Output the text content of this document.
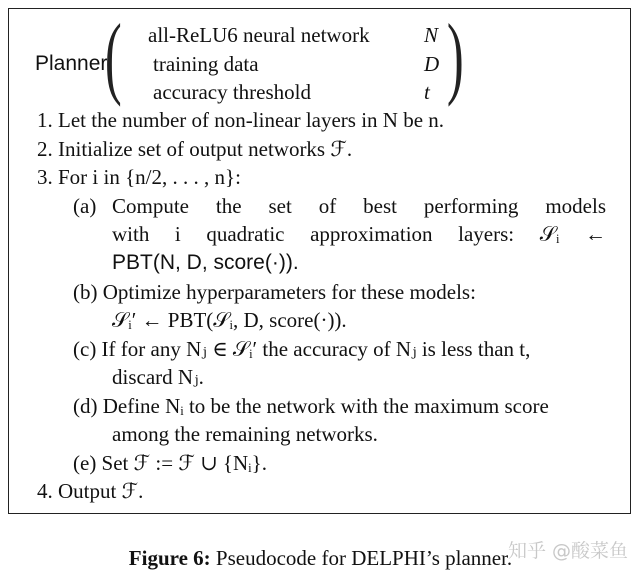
Planner
(	)
all-ReLU6 neural network	N
training data	D
accuracy threshold	t
1. Let the number of non-linear layers in N be n.
2. Initialize set of output networks ℱ.
3. For i in {n/2, . . . , n}:
(a) Compute the set of best performing models
with i quadratic approximation layers: 𝒮ᵢ ←
PBT(N, D, score(·)).
(b) Optimize hyperparameters for these models:
𝒮ᵢ′ ← PBT(𝒮ᵢ, D, score(·)).
(c) If for any Nⱼ ∈ 𝒮ᵢ′ the accuracy of Nⱼ is less than t,
discard Nⱼ.
(d) Define Nᵢ to be the network with the maximum score
among the remaining networks.
(e) Set ℱ := ℱ ∪ {Nᵢ}.
4. Output ℱ.
知乎 @酸菜鱼
Figure 6: Pseudocode for DELPHI’s planner.
